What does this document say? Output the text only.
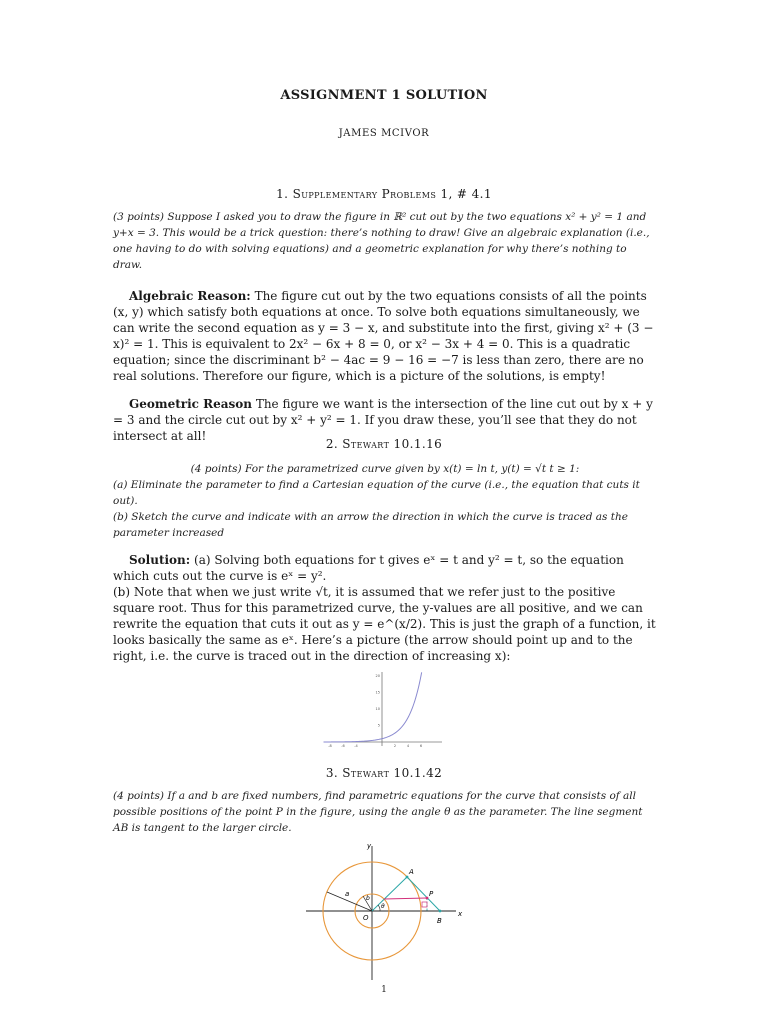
ASSIGNMENT 1 SOLUTION
JAMES MCIVOR
1. Supplementary Problems 1, # 4.1
(3 points) Suppose I asked you to draw the figure in ℝ² cut out by the two equations x² + y² = 1 and y+x = 3. This would be a trick question: there’s nothing to draw! Give an algebraic explanation (i.e., one having to do with solving equations) and a geometric explanation for why there’s nothing to draw.
Algebraic Reason: The figure cut out by the two equations consists of all the points (x, y) which satisfy both equations at once. To solve both equations simultaneously, we can write the second equation as y = 3 − x, and substitute into the first, giving x² + (3 − x)² = 1. This is equivalent to 2x² − 6x + 8 = 0, or x² − 3x + 4 = 0. This is a quadratic equation; since the discriminant b² − 4ac = 9 − 16 = −7 is less than zero, there are no real solutions. Therefore our figure, which is a picture of the solutions, is empty!
Geometric Reason The figure we want is the intersection of the line cut out by x + y = 3 and the circle cut out by x² + y² = 1. If you draw these, you’ll see that they do not intersect at all!
2. Stewart 10.1.16
(4 points) For the parametrized curve given by x(t) = ln t, y(t) = √t t ≥ 1:
(a) Eliminate the parameter to find a Cartesian equation of the curve (i.e., the equation that cuts it out).
(b) Sketch the curve and indicate with an arrow the direction in which the curve is traced as the parameter increased
Solution: (a) Solving both equations for t gives eˣ = t and y² = t, so the equation which cuts out the curve is eˣ = y².
(b) Note that when we just write √t, it is assumed that we refer just to the positive square root. Thus for this parametrized curve, the y-values are all positive, and we can rewrite the equation that cuts it out as y = e^(x/2). This is just the graph of a function, it looks basically the same as eˣ. Here’s a picture (the arrow should point up and to the right, i.e. the curve is traced out in the direction of increasing x):
-8	-6	-4	2	4	6
20
15
10
5
3. Stewart 10.1.42
(4 points) If a and b are fixed numbers, find parametric equations for the curve that consists of all possible positions of the point P in the figure, using the angle θ as the parameter. The line segment AB is tangent to the larger circle.
y
x
a
b
θ
A
P
B
O
1
